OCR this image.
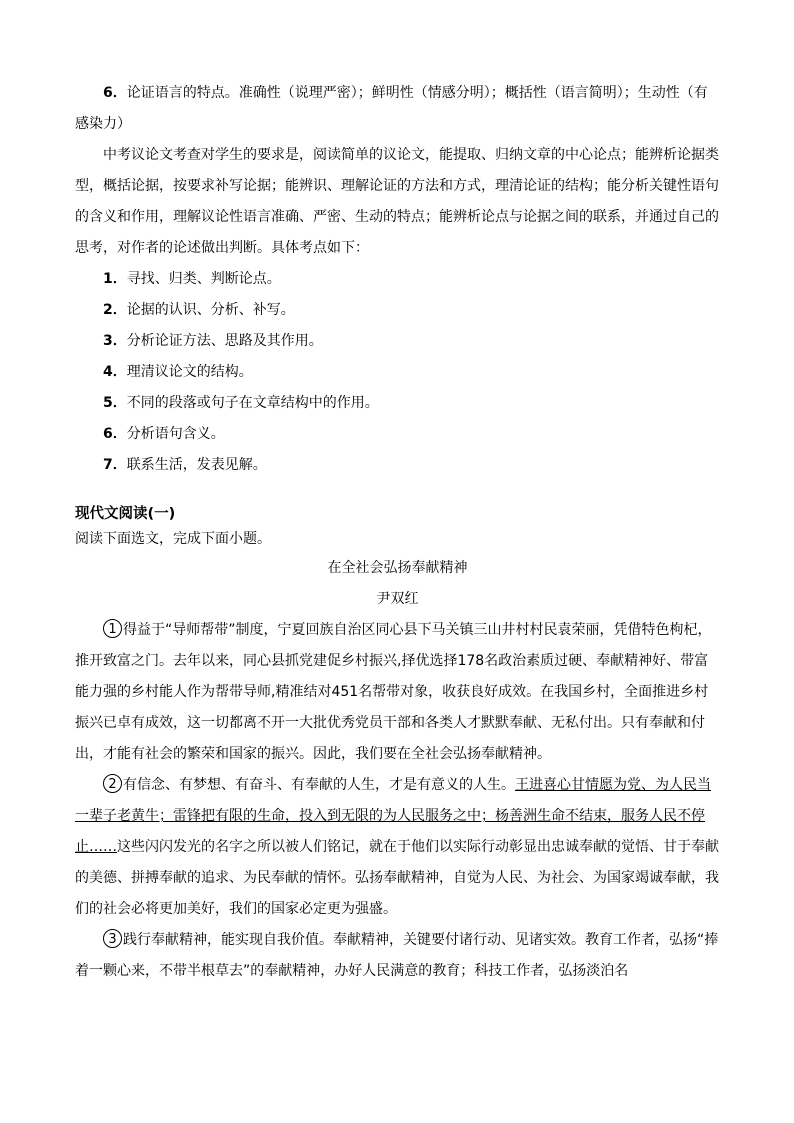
6．论证语言的特点。准确性（说理严密）；鲜明性（情感分明）；概括性（语言简明）；生动性（有感染力）

中考议论文考查对学生的要求是，阅读简单的议论文，能提取、归纳文章的中心论点；能辨析论据类型，概括论据，按要求补写论据；能辨识、理解论证的方法和方式，理清论证的结构；能分析关键性语句的含义和作用，理解议论性语言准确、严密、生动的特点；能辨析论点与论据之间的联系，并通过自己的思考，对作者的论述做出判断。具体考点如下：

1．寻找、归类、判断论点。

2．论据的认识、分析、补写。

3．分析论证方法、思路及其作用。

4．理清议论文的结构。

5．不同的段落或句子在文章结构中的作用。

6．分析语句含义。

7．联系生活，发表见解。

现代文阅读(一)

阅读下面选文，完成下面小题。

在全社会弘扬奉献精神

尹双红

1 得益于“导师帮带”制度，宁夏回族自治区同心县下马关镇三山井村村民袁荣丽，凭借特色枸杞，推开致富之门。去年以来，同心县抓党建促乡村振兴,择优选择178名政治素质过硬、奉献精神好、带富能力强的乡村能人作为帮带导师,精准结对451名帮带对象，收获良好成效。在我国乡村，全面推进乡村振兴已卓有成效，这一切都离不开一大批优秀党员干部和各类人才默默奉献、无私付出。只有奉献和付出，才能有社会的繁荣和国家的振兴。因此，我们要在全社会弘扬奉献精神。

2 有信念、有梦想、有奋斗、有奉献的人生，才是有意义的人生。王进喜心甘情愿为党、为人民当一辈子老黄牛；雷锋把有限的生命，投入到无限的为人民服务之中；杨善洲生命不结束，服务人民不停止……这些闪闪发光的名字之所以被人们铭记，就在于他们以实际行动彰显出忠诚奉献的觉悟、甘于奉献的美德、拼搏奉献的追求、为民奉献的情怀。弘扬奉献精神，自觉为人民、为社会、为国家竭诚奉献，我们的社会必将更加美好，我们的国家必定更为强盛。

3 践行奉献精神，能实现自我价值。奉献精神，关键要付诸行动、见诸实效。教育工作者，弘扬“捧着一颗心来，不带半根草去”的奉献精神，办好人民满意的教育；科技工作者，弘扬淡泊名
